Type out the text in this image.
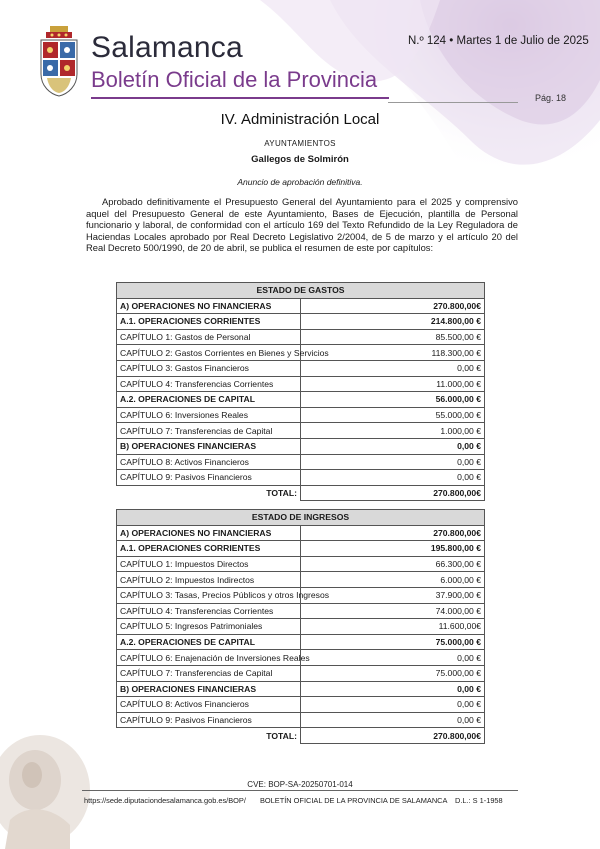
Salamanca
Boletín Oficial de la Provincia
N.º 124 • Martes 1 de Julio de 2025
Pág. 18
IV. Administración Local
AYUNTAMIENTOS
Gallegos de Solmirón
Anuncio de aprobación definitiva.
Aprobado definitivamente el Presupuesto General del Ayuntamiento para el 2025 y comprensivo aquel del Presupuesto General de este Ayuntamiento, Bases de Ejecución, plantilla de Personal funcionario y laboral, de conformidad con el artículo 169 del Texto Refundido de la Ley Reguladora de Haciendas Locales aprobado por Real Decreto Legislativo 2/2004, de 5 de marzo y el artículo 20 del Real Decreto 500/1990, de 20 de abril, se publica el resumen de este por capítulos:
ESTADO DE GASTOS	
A) OPERACIONES NO FINANCIERAS	270.800,00€
A.1. OPERACIONES CORRIENTES	214.800,00 €
CAPÍTULO 1: Gastos de Personal	85.500,00 €
CAPÍTULO 2: Gastos Corrientes en Bienes y Servicios	118.300,00 €
CAPÍTULO 3: Gastos Financieros	0,00 €
CAPÍTULO 4: Transferencias Corrientes	11.000,00 €
A.2. OPERACIONES DE CAPITAL	56.000,00 €
CAPÍTULO 6: Inversiones Reales	55.000,00 €
CAPÍTULO 7: Transferencias de Capital	1.000,00 €
B) OPERACIONES FINANCIERAS	0,00 €
CAPÍTULO 8: Activos Financieros	0,00 €
CAPÍTULO 9: Pasivos Financieros	0,00 €
TOTAL:	270.800,00€
ESTADO DE INGRESOS	
A) OPERACIONES NO FINANCIERAS	270.800,00€
A.1. OPERACIONES CORRIENTES	195.800,00 €
CAPÍTULO 1: Impuestos Directos	66.300,00 €
CAPÍTULO 2: Impuestos Indirectos	6.000,00 €
CAPÍTULO 3: Tasas, Precios Públicos y otros Ingresos	37.900,00 €
CAPÍTULO 4: Transferencias Corrientes	74.000,00 €
CAPÍTULO 5: Ingresos Patrimoniales	11.600,00€
A.2. OPERACIONES DE CAPITAL	75.000,00 €
CAPÍTULO 6: Enajenación de Inversiones Reales	0,00 €
CAPÍTULO 7: Transferencias de Capital	75.000,00 €
B) OPERACIONES FINANCIERAS	0,00 €
CAPÍTULO 8: Activos Financieros	0,00 €
CAPÍTULO 9: Pasivos Financieros	0,00 €
TOTAL:	270.800,00€
CVE: BOP-SA-20250701-014
https://sede.diputaciondesalamanca.gob.es/BOP/ BOLETÍN OFICIAL DE LA PROVINCIA DE SALAMANCA D.L.: S 1-1958
